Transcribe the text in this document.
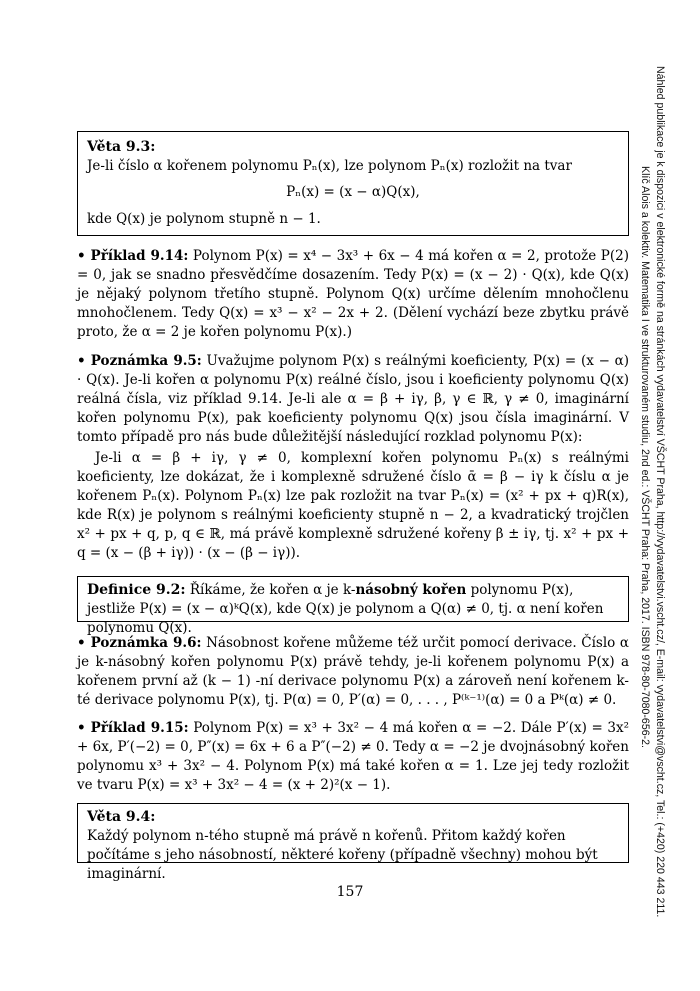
Věta 9.3:
Je-li číslo α kořenem polynomu Pₙ(x), lze polynom Pₙ(x) rozložit na tvar
Pₙ(x) = (x − α)Q(x),
kde Q(x) je polynom stupně n − 1.
• Příklad 9.14: Polynom P(x) = x⁴ − 3x³ + 6x − 4 má kořen α = 2, protože P(2) = 0, jak se snadno přesvědčíme dosazením. Tedy P(x) = (x − 2) · Q(x), kde Q(x) je nějaký polynom třetího stupně. Polynom Q(x) určíme dělením mnohočlenu mnohočlenem. Tedy Q(x) = x³ − x² − 2x + 2. (Dělení vychází beze zbytku právě proto, že α = 2 je kořen polynomu P(x).)
• Poznámka 9.5: Uvažujme polynom P(x) s reálnými koeficienty, P(x) = (x − α) · Q(x). Je-li kořen α polynomu P(x) reálné číslo, jsou i koeficienty polynomu Q(x) reálná čísla, viz příklad 9.14. Je-li ale α = β + iγ, β, γ ∈ ℝ, γ ≠ 0, imaginární kořen polynomu P(x), pak koeficienty polynomu Q(x) jsou čísla imaginární. V tomto případě pro nás bude důležitější následující rozklad polynomu P(x):
Je-li α = β + iγ, γ ≠ 0, komplexní kořen polynomu Pₙ(x) s reálnými koeficienty, lze dokázat, že i komplexně sdružené číslo ᾱ = β − iγ k číslu α je kořenem Pₙ(x). Polynom Pₙ(x) lze pak rozložit na tvar Pₙ(x) = (x² + px + q)R(x), kde R(x) je polynom s reálnými koeficienty stupně n − 2, a kvadratický trojčlen x² + px + q, p, q ∈ ℝ, má právě komplexně sdružené kořeny β ± iγ, tj. x² + px + q = (x − (β + iγ)) · (x − (β − iγ)).
Definice 9.2: Říkáme, že kořen α je k-násobný kořen polynomu P(x), jestliže P(x) = (x − α)ᵏQ(x), kde Q(x) je polynom a Q(α) ≠ 0, tj. α není kořen polynomu Q(x).
• Poznámka 9.6: Násobnost kořene můžeme též určit pomocí derivace. Číslo α je k-násobný kořen polynomu P(x) právě tehdy, je-li kořenem polynomu P(x) a kořenem první až (k − 1) -ní derivace polynomu P(x) a zároveň není kořenem k-té derivace polynomu P(x), tj. P(α) = 0, P′(α) = 0, . . . , P⁽ᵏ⁻¹⁾(α) = 0 a Pᵏ(α) ≠ 0.
• Příklad 9.15: Polynom P(x) = x³ + 3x² − 4 má kořen α = −2. Dále P′(x) = 3x² + 6x, P′(−2) = 0, P″(x) = 6x + 6 a P″(−2) ≠ 0. Tedy α = −2 je dvojnásobný kořen polynomu x³ + 3x² − 4. Polynom P(x) má také kořen α = 1. Lze jej tedy rozložit ve tvaru P(x) = x³ + 3x² − 4 = (x + 2)²(x − 1).
Věta 9.4:
Každý polynom n-tého stupně má právě n kořenů. Přitom každý kořen počítáme s jeho násobností, některé kořeny (případně všechny) mohou být imaginární.
157	Náhled publikace je k dispozici v elektronické formě na stránkách vydavatelství VŠCHT Praha, http://vydavatelstvi.vscht.cz/, E-mail: vydavatelstvi@vscht.cz, Tel.: (+420) 220 443 211.
Klíč Alois a kolektiv. Matematika I ve strukturovaném studiu, 2nd ed.: VŠCHT Praha: Praha, 2017. ISBN 978-80-7080-656-2.
